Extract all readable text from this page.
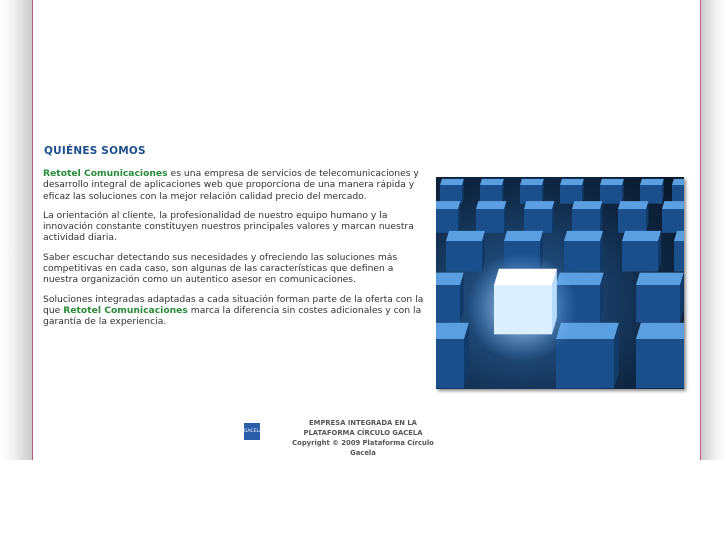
QUIÉNES SOMOS

Retotel Comunicaciones es una empresa de servicios de telecomunicaciones y desarrollo integral de aplicaciones web que proporciona de una manera rápida y eficaz las soluciones con la mejor relación calidad precio del mercado.

La orientación al cliente, la profesionalidad de nuestro equipo humano y la innovación constante constituyen nuestros principales valores y marcan nuestra actividad diaria.

Saber escuchar detectando sus necesidades y ofreciendo las soluciones más competitivas en cada caso, son algunas de las características que definen a nuestra organización como un autentico asesor en comunicaciones.

Soluciones integradas adaptadas a cada situación forman parte de la oferta con la que Retotel Comunicaciones marca la diferencia sin costes adicionales y con la garantía de la experiencia.

GACELA
EMPRESA INTEGRADA EN LA
PLATAFORMA CÍRCULO GACELA
Copyright © 2009 Plataforma Círculo Gacela
